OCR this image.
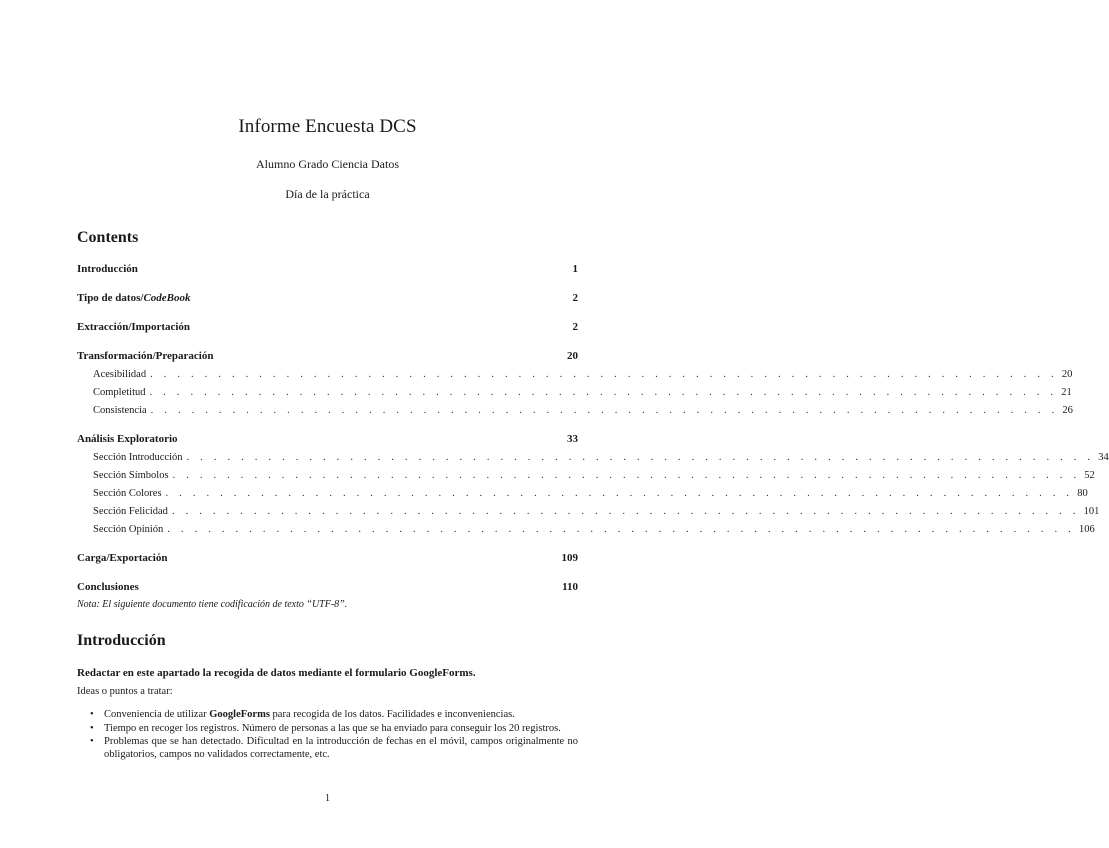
Informe Encuesta DCS
Alumno Grado Ciencia Datos
Día de la práctica
Contents
Introducción	1
Tipo de datos/CodeBook	2
Extracción/Importación	2
Transformación/Preparación	20
Acesibilidad . . . . . . . . . . . . . . . . . . . . . . . . . . . . . . . . . . . . . . . . . . . . . . . . . . . . . . . . . . . . . . . . . . . 20
Completitud . . . . . . . . . . . . . . . . . . . . . . . . . . . . . . . . . . . . . . . . . . . . . . . . . . . . . . . . . . . . . . . . . . . 21
Consistencia . . . . . . . . . . . . . . . . . . . . . . . . . . . . . . . . . . . . . . . . . . . . . . . . . . . . . . . . . . . . . . . . . . . 26
Análisis Exploratorio	33
Sección Introducción . . . . . . . . . . . . . . . . . . . . . . . . . . . . . . . . . . . . . . . . . . . . . . . . . . . . . . . . . . . . . . . . . . . 34
Sección Símbolos . . . . . . . . . . . . . . . . . . . . . . . . . . . . . . . . . . . . . . . . . . . . . . . . . . . . . . . . . . . . . . . . . . . 52
Sección Colores . . . . . . . . . . . . . . . . . . . . . . . . . . . . . . . . . . . . . . . . . . . . . . . . . . . . . . . . . . . . . . . . . . . 80
Sección Felicidad . . . . . . . . . . . . . . . . . . . . . . . . . . . . . . . . . . . . . . . . . . . . . . . . . . . . . . . . . . . . . . . . . . . 101
Sección Opinión . . . . . . . . . . . . . . . . . . . . . . . . . . . . . . . . . . . . . . . . . . . . . . . . . . . . . . . . . . . . . . . . . . . 106
Carga/Exportación	109
Conclusiones	110
Nota: El siguiente documento tiene codificación de texto “UTF-8”.
Introducción
Redactar en este apartado la recogida de datos mediante el formulario GoogleForms.
Ideas o puntos a tratar:
• Conveniencia de utilizar GoogleForms para recogida de los datos. Facilidades e inconveniencias.
• Tiempo en recoger los registros. Número de personas a las que se ha enviado para conseguir los 20 registros.
• Problemas que se han detectado. Dificultad en la introducción de fechas en el móvil, campos originalmente no obligatorios, campos no validados correctamente, etc.
1
